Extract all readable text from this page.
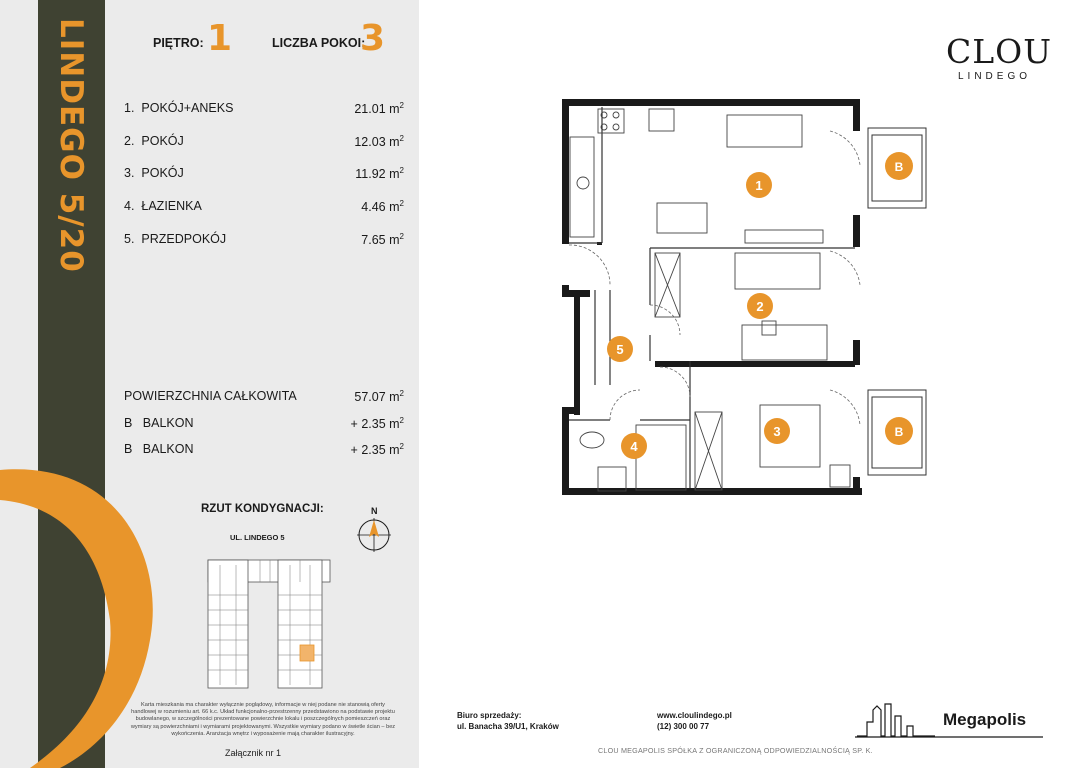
LINDEGO 5/20	PIĘTRO: 1	LICZBA POKOI:
3
1. POKÓJ+ANEKS	21.01 $m^2$
2. POKÓJ	12.03 $m^2$
3. POKÓJ	11.92 $m^2$
4. ŁAZIENKA	4.46 $m^2$
5. PRZEDPOKÓJ	7.65 $m^2$
POWIERZCHNIA CAŁKOWITA	57.07 $m^2$
B BALKON	+ 2.35 $m^2$
B BALKON	+ 2.35 $m^2$
RZUT KONDYGNACJI:
UL. LINDEGO 5
N
Karta mieszkania ma charakter wyłącznie poglądowy, informacje w niej podane nie stanowią oferty handlowej w rozumieniu art. 66 k.c. Układ funkcjonalno-przestrzenny przedstawiono na podstawie projektu budowlanego, w szczególności prezentowane powierzchnie lokalu i poszczególnych pomieszczeń oraz wymiary są powierzchniami i wymiarami projektowanymi. Wszystkie wymiary podano w świetle ścian – bez wykończenia. Aranżacja wnętrz i wyposażenie mają charakter ilustracyjny.
Załącznik nr 1
CLOU
LINDEGO
1
2
3
4
5
B
B
Biuro sprzedaży:
ul. Banacha 39/U1, Kraków
www.cloulindego.pl
(12) 300 00 77
CLOU MEGAPOLIS SPÓŁKA Z OGRANICZONĄ ODPOWIEDZIALNOŚCIĄ SP. K.
Megapolis
